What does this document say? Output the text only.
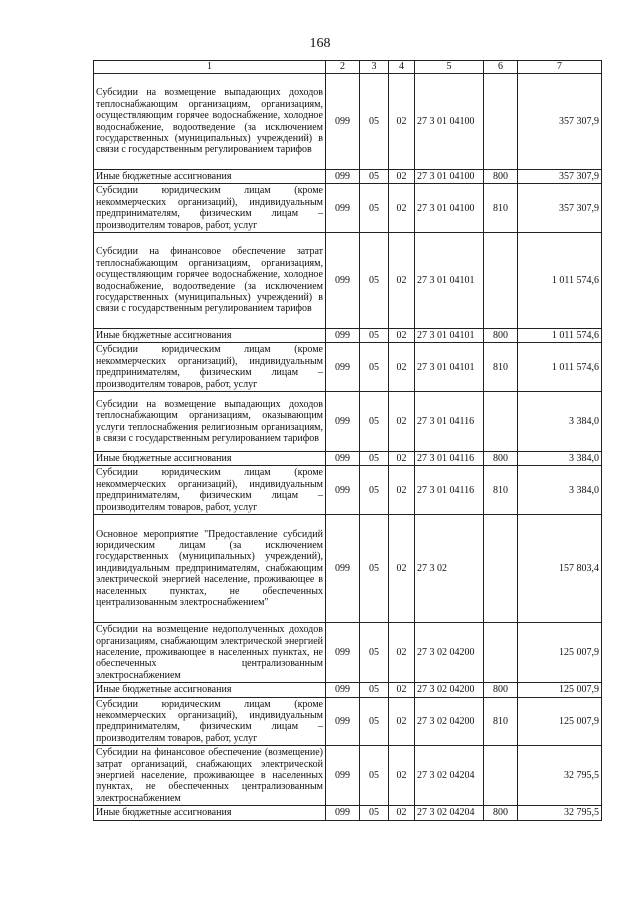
168
1	2	3	4	5	6	7
Субсидии на возмещение выпадающих доходов теплоснабжающим организациям, организациям, осуществляющим горячее водоснабжение, холодное водоснабжение, водоотведение (за исключением государственных (муниципальных) учреждений) в связи с государственным регулированием тарифов	099	05	02	27 3 01 04100		357 307,9
Иные бюджетные ассигнования	099	05	02	27 3 01 04100	800	357 307,9
Субсидии юридическим лицам (кроме некоммерческих организаций), индивидуальным предпринимателям, физическим лицам – производителям товаров, работ, услуг	099	05	02	27 3 01 04100	810	357 307,9
Субсидии на финансовое обеспечение затрат теплоснабжающим организациям, организациям, осуществляющим горячее водоснабжение, холодное водоснабжение, водоотведение (за исключением государственных (муниципальных) учреждений) в связи с государственным регулированием тарифов	099	05	02	27 3 01 04101		1 011 574,6
Иные бюджетные ассигнования	099	05	02	27 3 01 04101	800	1 011 574,6
Субсидии юридическим лицам (кроме некоммерческих организаций), индивидуальным предпринимателям, физическим лицам – производителям товаров, работ, услуг	099	05	02	27 3 01 04101	810	1 011 574,6
Субсидии на возмещение выпадающих доходов теплоснабжающим организациям, оказывающим услуги теплоснабжения религиозным организациям, в связи с государственным регулированием тарифов	099	05	02	27 3 01 04116		3 384,0
Иные бюджетные ассигнования	099	05	02	27 3 01 04116	800	3 384,0
Субсидии юридическим лицам (кроме некоммерческих организаций), индивидуальным предпринимателям, физическим лицам – производителям товаров, работ, услуг	099	05	02	27 3 01 04116	810	3 384,0
Основное мероприятие "Предоставление субсидий юридическим лицам (за исключением государственных (муниципальных) учреждений), индивидуальным предпринимателям, снабжающим электрической энергией население, проживающее в населенных пунктах, не обеспеченных централизованным электроснабжением"	099	05	02	27 3 02		157 803,4
Субсидии на возмещение недополученных доходов организациям, снабжающим электрической энергией население, проживающее в населенных пунктах, не обеспеченных централизованным электроснабжением	099	05	02	27 3 02 04200		125 007,9
Иные бюджетные ассигнования	099	05	02	27 3 02 04200	800	125 007,9
Субсидии юридическим лицам (кроме некоммерческих организаций), индивидуальным предпринимателям, физическим лицам – производителям товаров, работ, услуг	099	05	02	27 3 02 04200	810	125 007,9
Субсидии на финансовое обеспечение (возмещение) затрат организаций, снабжающих электрической энергией население, проживающее в населенных пунктах, не обеспеченных централизованным электроснабжением	099	05	02	27 3 02 04204		32 795,5
Иные бюджетные ассигнования	099	05	02	27 3 02 04204	800	32 795,5
